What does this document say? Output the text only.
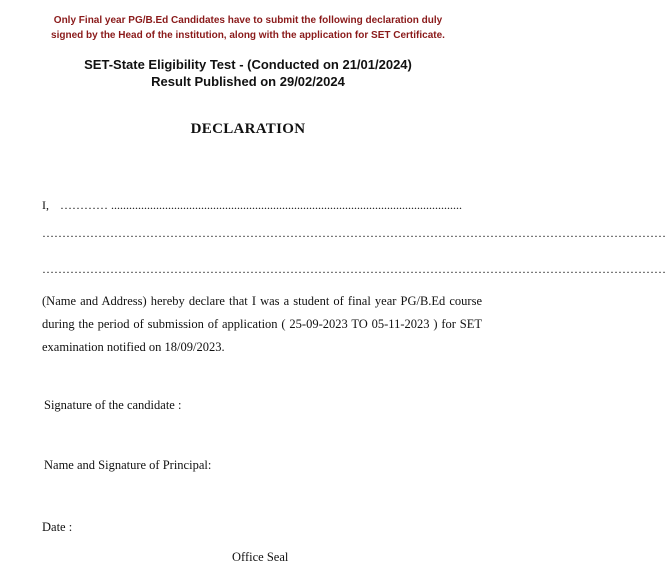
Only Final year PG/B.Ed Candidates have to submit the following declaration duly
signed by the Head of the institution, along with the application for SET Certificate.
SET-State Eligibility Test - (Conducted on 21/01/2024)
Result Published on 29/02/2024
DECLARATION
I, ………… .....................................................................................................................
…………………………………………………………………………………………………………………………………………
…………………………………………………………………………………………………………………………………………
(Name and Address) hereby declare that I was a student of final year PG/B.Ed course during the period of submission of application ( 25-09-2023 TO 05-11-2023 ) for SET examination notified on 18/09/2023.
Signature of the candidate :
Name and Signature of Principal:
Date :
Office Seal
